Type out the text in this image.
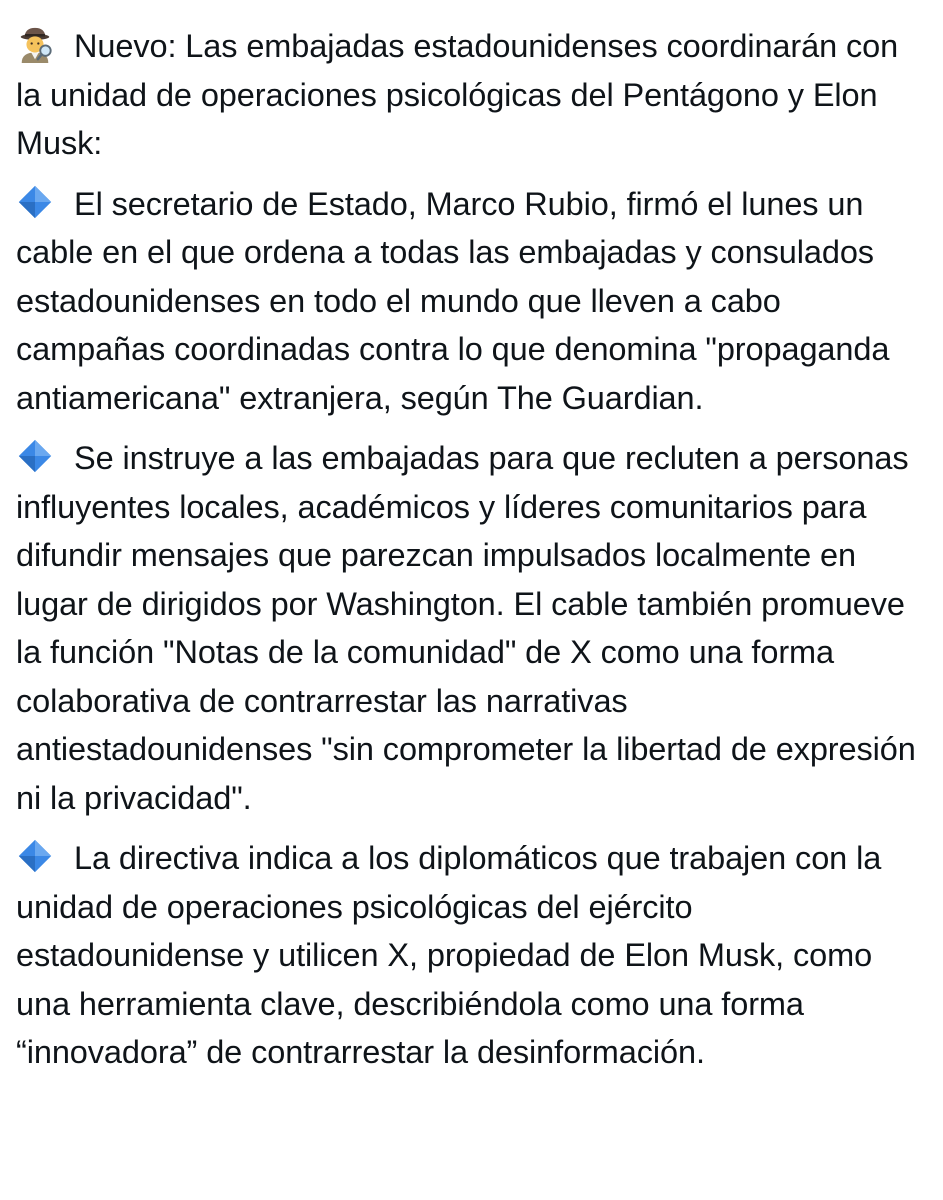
Nuevo: Las embajadas estadounidenses coordinarán con la unidad de operaciones psicológicas del Pentágono y Elon Musk:

El secretario de Estado, Marco Rubio, firmó el lunes un cable en el que ordena a todas las embajadas y consulados estadounidenses en todo el mundo que lleven a cabo campañas coordinadas contra lo que denomina "propaganda antiamericana" extranjera, según The Guardian.

Se instruye a las embajadas para que recluten a personas influyentes locales, académicos y líderes comunitarios para difundir mensajes que parezcan impulsados localmente en lugar de dirigidos por Washington. El cable también promueve la función "Notas de la comunidad" de X como una forma colaborativa de contrarrestar las narrativas antiestadounidenses "sin comprometer la libertad de expresión ni la privacidad".

La directiva indica a los diplomáticos que trabajen con la unidad de operaciones psicológicas del ejército estadounidense y utilicen X, propiedad de Elon Musk, como una herramienta clave, describiéndola como una forma “innovadora” de contrarrestar la desinformación.
